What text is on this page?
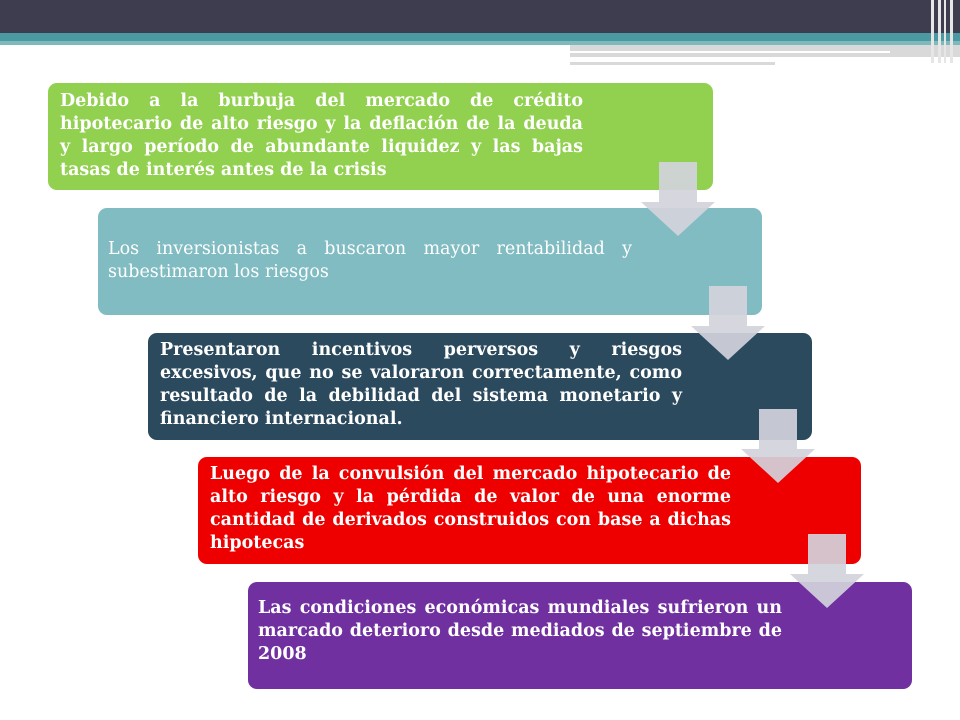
Debido a la burbuja del mercado de crédito hipotecario de alto riesgo y la deflación de la deuda y largo período de abundante liquidez y las bajas tasas de interés antes de la crisis

Los inversionistas a buscaron mayor rentabilidad y subestimaron los riesgos

Presentaron incentivos perversos y riesgos excesivos, que no se valoraron correctamente, como resultado de la debilidad del sistema monetario y financiero internacional.

Luego de la convulsión del mercado hipotecario de alto riesgo y la pérdida de valor de una enorme cantidad de derivados construidos con base a dichas hipotecas

Las condiciones económicas mundiales sufrieron un marcado deterioro desde mediados de septiembre de 2008
